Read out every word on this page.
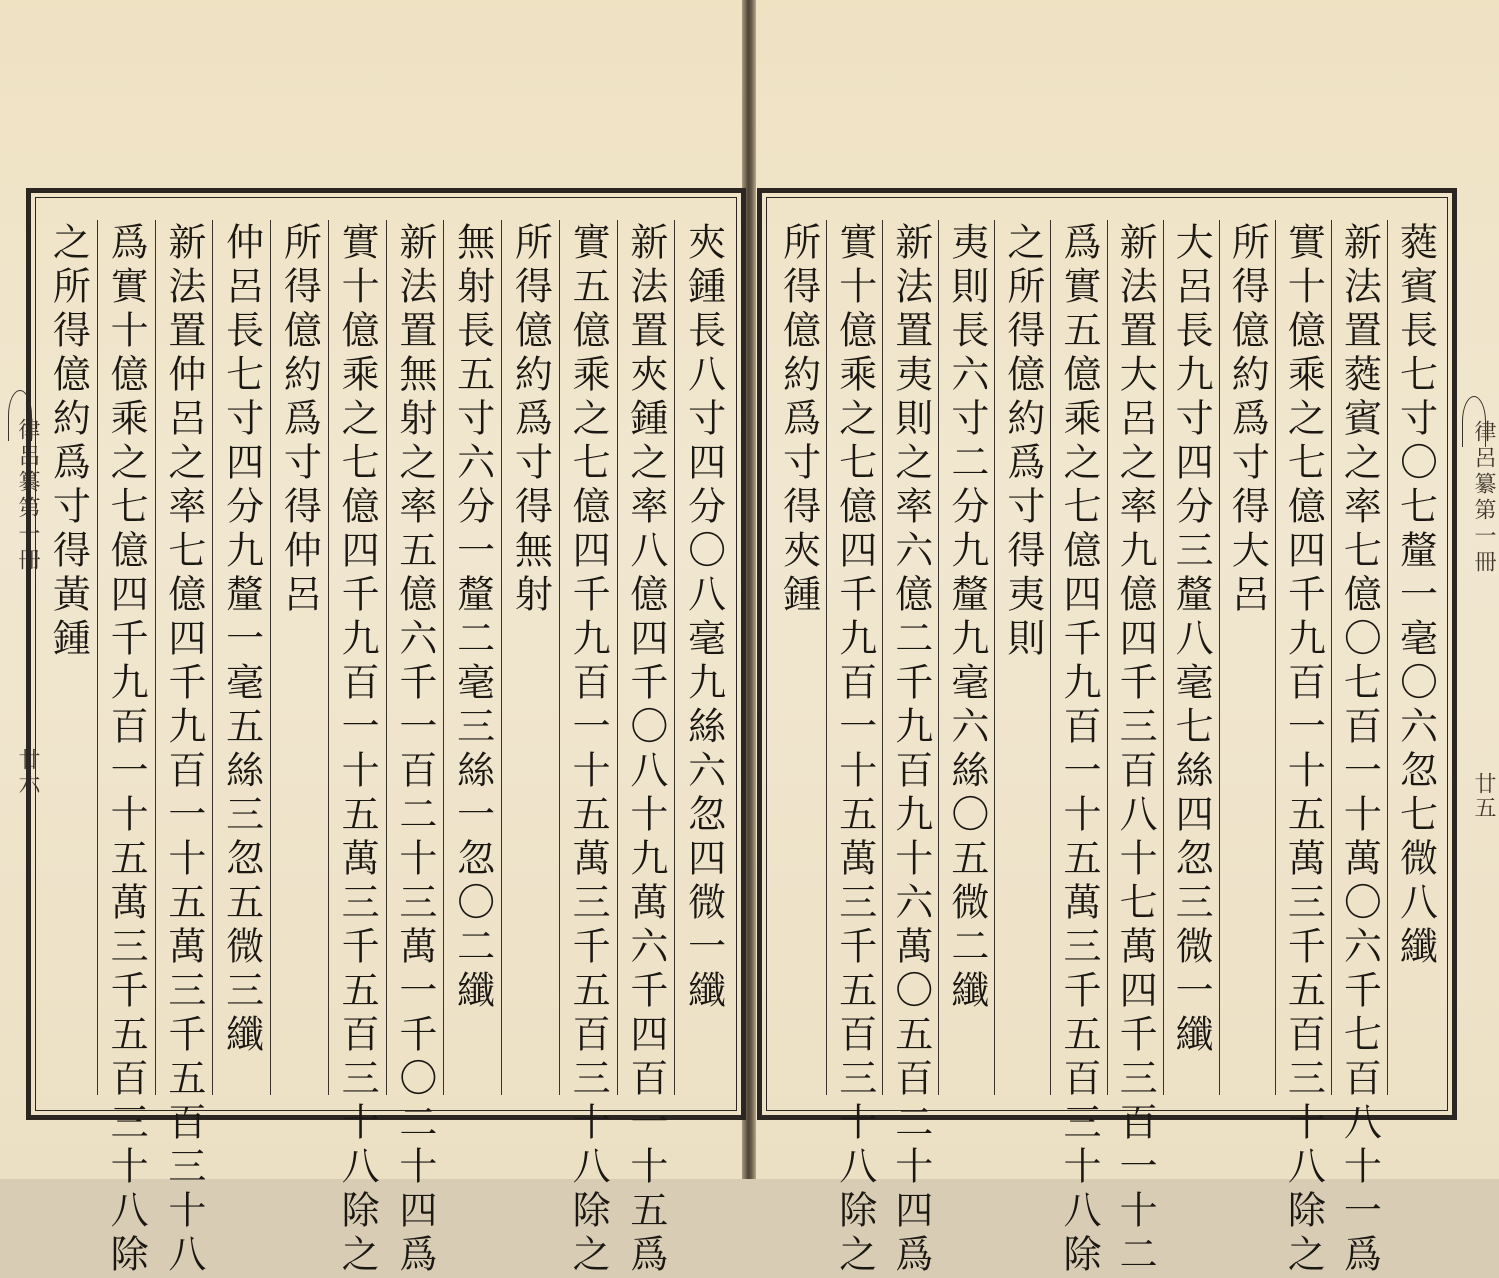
律呂纂第一冊
廿六
律呂纂第一冊
廿五
夾鍾長八寸四分〇八毫九絲六忽四微一纖
新法置夾鍾之率八億四千〇八十九萬六千四百一十五爲
實五億乘之七億四千九百一十五萬三千五百三十八除之
所得億約爲寸得無射
無射長五寸六分一釐二毫三絲一忽〇二纖
新法置無射之率五億六千一百二十三萬一千〇二十四爲
實十億乘之七億四千九百一十五萬三千五百三十八除之
所得億約爲寸得仲呂
仲呂長七寸四分九釐一毫五絲三忽五微三纖
新法置仲呂之率七億四千九百一十五萬三千五百三十八
爲實十億乘之七億四千九百一十五萬三千五百三十八除
之所得億約爲寸得黃鍾	蕤賓長七寸〇七釐一毫〇六忽七微八纖
新法置蕤賓之率七億〇七百一十萬〇六千七百八十一爲
實十億乘之七億四千九百一十五萬三千五百三十八除之
所得億約爲寸得大呂
大呂長九寸四分三釐八毫七絲四忽三微一纖
新法置大呂之率九億四千三百八十七萬四千三百一十二
爲實五億乘之七億四千九百一十五萬三千五百三十八除
之所得億約爲寸得夷則
夷則長六寸二分九釐九毫六絲〇五微二纖
新法置夷則之率六億二千九百九十六萬〇五百二十四爲
實十億乘之七億四千九百一十五萬三千五百三十八除之
所得億約爲寸得夾鍾
